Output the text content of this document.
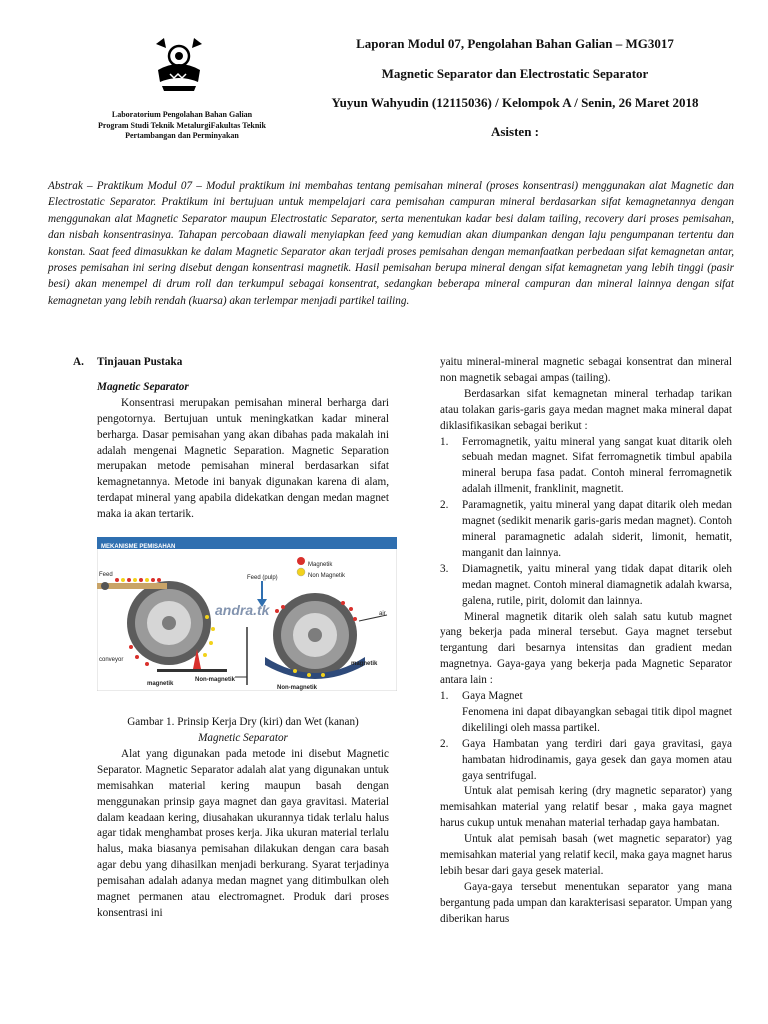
Laboratorium Pengolahan Bahan Galian
Program Studi Teknik MetalurgiFakultas Teknik
Pertambangan dan Perminyakan
Laporan Modul 07, Pengolahan Bahan Galian – MG3017
Magnetic Separator dan Electrostatic Separator
Yuyun Wahyudin (12115036) / Kelompok A / Senin, 26 Maret 2018
Asisten :
Abstrak – Praktikum Modul 07 – Modul praktikum ini membahas tentang pemisahan mineral (proses konsentrasi) menggunakan alat Magnetic dan Electrostatic Separator. Praktikum ini bertujuan untuk mempelajari cara pemisahan campuran mineral berdasarkan sifat kemagnetannya dengan menggunakan alat Magnetic Separator maupun Electrostatic Separator, serta menentukan kadar besi dalam tailing, recovery dari proses pemisahan, dan nisbah konsentrasinya. Tahapan percobaan diawali menyiapkan feed yang kemudian akan diumpankan dengan laju pengumpanan tertentu dan konstan. Saat feed dimasukkan ke dalam Magnetic Separator akan terjadi proses pemisahan dengan memanfaatkan perbedaan sifat kemagnetan antar, proses pemisahan ini sering disebut dengan konsentrasi magnetik. Hasil pemisahan berupa mineral dengan sifat kemagnetan yang lebih tinggi (pasir besi) akan menempel di drum roll dan terkumpul sebagai konsentrat, sedangkan beberapa mineral campuran dan mineral lainnya dengan sifat kemagnetan yang lebih rendah (kuarsa) akan terlempar menjadi partikel tailing.
A. Tinjauan Pustaka

Magnetic Separator

Konsentrasi merupakan pemisahan mineral berharga dari pengotornya. Bertujuan untuk meningkatkan kadar mineral berharga. Dasar pemisahan yang akan dibahas pada makalah ini adalah mengenai Magnetic Separation. Magnetic Separation merupakan metode pemisahan mineral berdasarkan sifat kemagnetannya. Metode ini banyak digunakan karena di alam, terdapat mineral yang apabila didekatkan dengan medan magnet maka ia akan tertarik.

MEKANISME PEMISAHAN
Magnetik
Non Magnetik
Feed	Feed (pulp)
conveyor
magnetik
Non-magnetik
magnetik
Non-magnetik
air
andra.tk
Gambar 1. Prinsip Kerja Dry (kiri) dan Wet (kanan)
Magnetic Separator

Alat yang digunakan pada metode ini disebut Magnetic Separator. Magnetic Separator adalah alat yang digunakan untuk memisahkan material kering maupun basah dengan menggunakan prinsip gaya magnet dan gaya gravitasi. Material dalam keadaan kering, diusahakan ukurannya tidak terlalu halus agar tidak menghambat proses kerja. Jika ukuran material terlalu halus, maka biasanya pemisahan dilakukan dengan cara basah agar debu yang dihasilkan menjadi berkurang. Syarat terjadinya pemisahan adalah adanya medan magnet yang ditimbulkan oleh magnet permanen atau electromagnet. Produk dari proses konsentrasi ini

yaitu mineral-mineral magnetic sebagai konsentrat dan mineral non magnetik sebagai ampas (tailing).

Berdasarkan sifat kemagnetan mineral terhadap tarikan atau tolakan garis-garis gaya medan magnet maka mineral dapat diklasifikasikan sebagai berikut :

1. Ferromagnetik, yaitu mineral yang sangat kuat ditarik oleh sebuah medan magnet. Sifat ferromagnetik timbul apabila mineral berupa fasa padat. Contoh mineral ferromagnetik adalah illmenit, franklinit, magnetit.
2. Paramagnetik, yaitu mineral yang dapat ditarik oleh medan magnet (sedikit menarik garis-garis medan magnet). Contoh mineral paramagnetic adalah siderit, limonit, hematit, manganit dan lainnya.
3. Diamagnetik, yaitu mineral yang tidak dapat ditarik oleh medan magnet. Contoh mineral diamagnetik adalah kwarsa, galena, rutile, pirit, dolomit dan lainnya.

Mineral magnetik ditarik oleh salah satu kutub magnet yang bekerja pada mineral tersebut. Gaya magnet tersebut tergantung dari besarnya intensitas dan gradient medan magnetnya. Gaya-gaya yang bekerja pada Magnetic Separator antara lain :

1. Gaya Magnet
Fenomena ini dapat dibayangkan sebagai titik dipol magnet dikelilingi oleh massa partikel.
2. Gaya Hambatan yang terdiri dari gaya gravitasi, gaya hambatan hidrodinamis, gaya gesek dan gaya momen atau gaya sentrifugal.

Untuk alat pemisah kering (dry magnetic separator) yang memisahkan material yang relatif besar , maka gaya magnet harus cukup untuk menahan material terhadap gaya hambatan.

Untuk alat pemisah basah (wet magnetic separator) yag memisahkan material yang relatif kecil, maka gaya magnet harus lebih besar dari gaya gesek material.

Gaya-gaya tersebut menentukan separator yang mana bergantung pada umpan dan karakterisasi separator. Umpan yang diberikan harus
